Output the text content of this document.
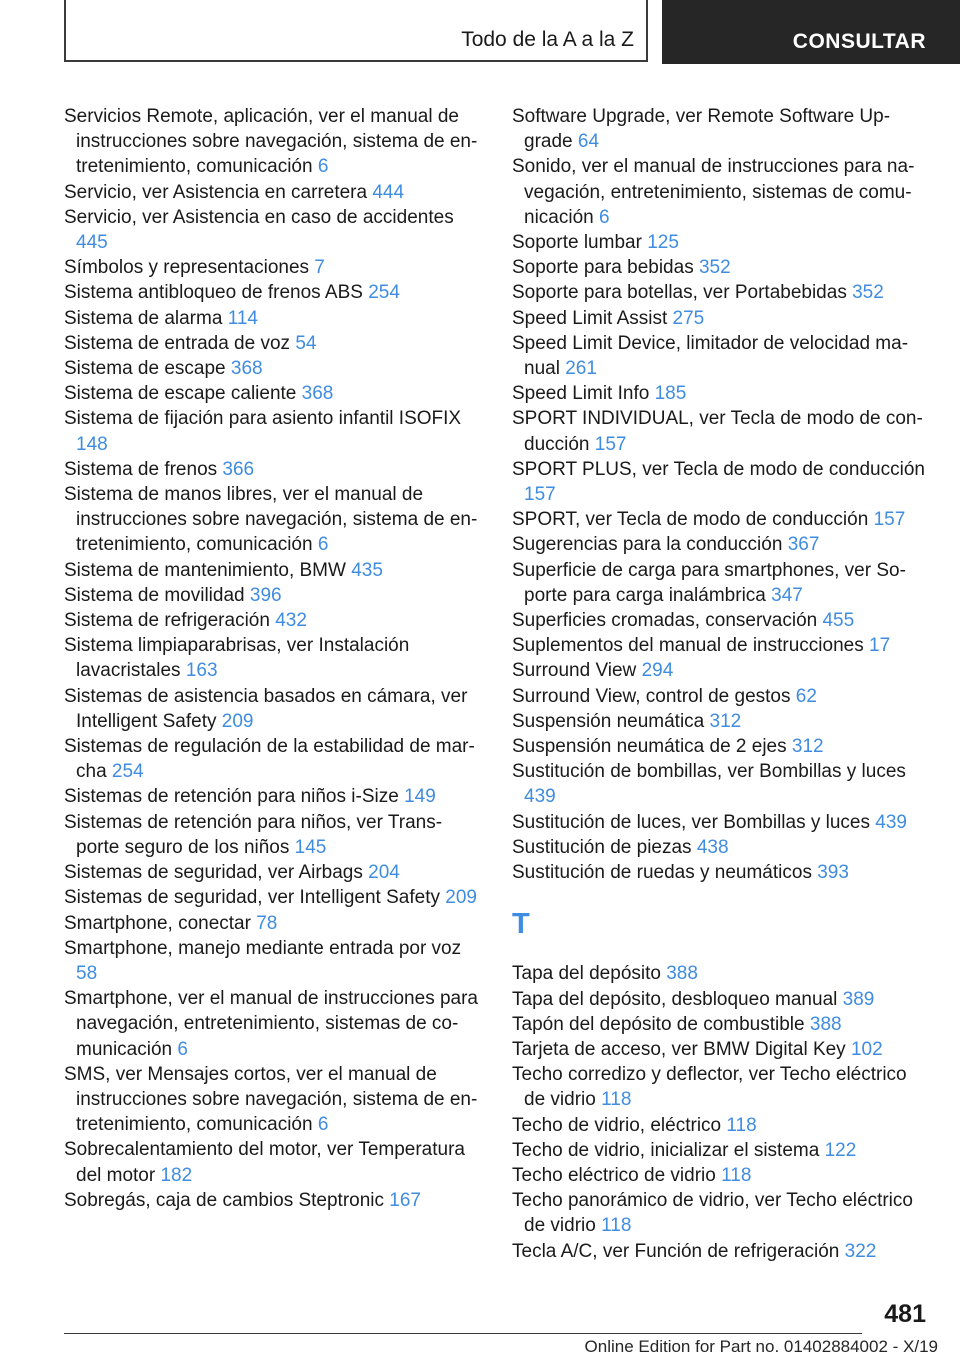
Todo de la A a la Z	CONSULTAR
Servicios Remote, aplicación, ver el manual de instrucciones sobre navegación, sistema de entretenimiento, comunicación 6
Servicio, ver Asistencia en carretera 444
Servicio, ver Asistencia en caso de accidentes 445
Símbolos y representaciones 7
Sistema antibloqueo de frenos ABS 254
Sistema de alarma 114
Sistema de entrada de voz 54
Sistema de escape 368
Sistema de escape caliente 368
Sistema de fijación para asiento infantil ISOFIX 148
Sistema de frenos 366
Sistema de manos libres, ver el manual de instrucciones sobre navegación, sistema de entretenimiento, comunicación 6
Sistema de mantenimiento, BMW 435
Sistema de movilidad 396
Sistema de refrigeración 432
Sistema limpiaparabrisas, ver Instalación lavacristales 163
Sistemas de asistencia basados en cámara, ver Intelligent Safety 209
Sistemas de regulación de la estabilidad de marcha 254
Sistemas de retención para niños i-Size 149
Sistemas de retención para niños, ver Transporte seguro de los niños 145
Sistemas de seguridad, ver Airbags 204
Sistemas de seguridad, ver Intelligent Safety 209
Smartphone, conectar 78
Smartphone, manejo mediante entrada por voz 58
Smartphone, ver el manual de instrucciones para navegación, entretenimiento, sistemas de comunicación 6
SMS, ver Mensajes cortos, ver el manual de instrucciones sobre navegación, sistema de entretenimiento, comunicación 6
Sobrecalentamiento del motor, ver Temperatura del motor 182
Sobregás, caja de cambios Steptronic 167
Software Upgrade, ver Remote Software Upgrade 64
Sonido, ver el manual de instrucciones para navegación, entretenimiento, sistemas de comunicación 6
Soporte lumbar 125
Soporte para bebidas 352
Soporte para botellas, ver Portabebidas 352
Speed Limit Assist 275
Speed Limit Device, limitador de velocidad manual 261
Speed Limit Info 185
SPORT INDIVIDUAL, ver Tecla de modo de conducción 157
SPORT PLUS, ver Tecla de modo de conducción 157
SPORT, ver Tecla de modo de conducción 157
Sugerencias para la conducción 367
Superficie de carga para smartphones, ver Soporte para carga inalámbrica 347
Superficies cromadas, conservación 455
Suplementos del manual de instrucciones 17
Surround View 294
Surround View, control de gestos 62
Suspensión neumática 312
Suspensión neumática de 2 ejes 312
Sustitución de bombillas, ver Bombillas y luces 439
Sustitución de luces, ver Bombillas y luces 439
Sustitución de piezas 438
Sustitución de ruedas y neumáticos 393
T
Tapa del depósito 388
Tapa del depósito, desbloqueo manual 389
Tapón del depósito de combustible 388
Tarjeta de acceso, ver BMW Digital Key 102
Techo corredizo y deflector, ver Techo eléctrico de vidrio 118
Techo de vidrio, eléctrico 118
Techo de vidrio, inicializar el sistema 122
Techo eléctrico de vidrio 118
Techo panorámico de vidrio, ver Techo eléctrico de vidrio 118
Tecla A/C, ver Función de refrigeración 322
481
Online Edition for Part no. 01402884002 - X/19
